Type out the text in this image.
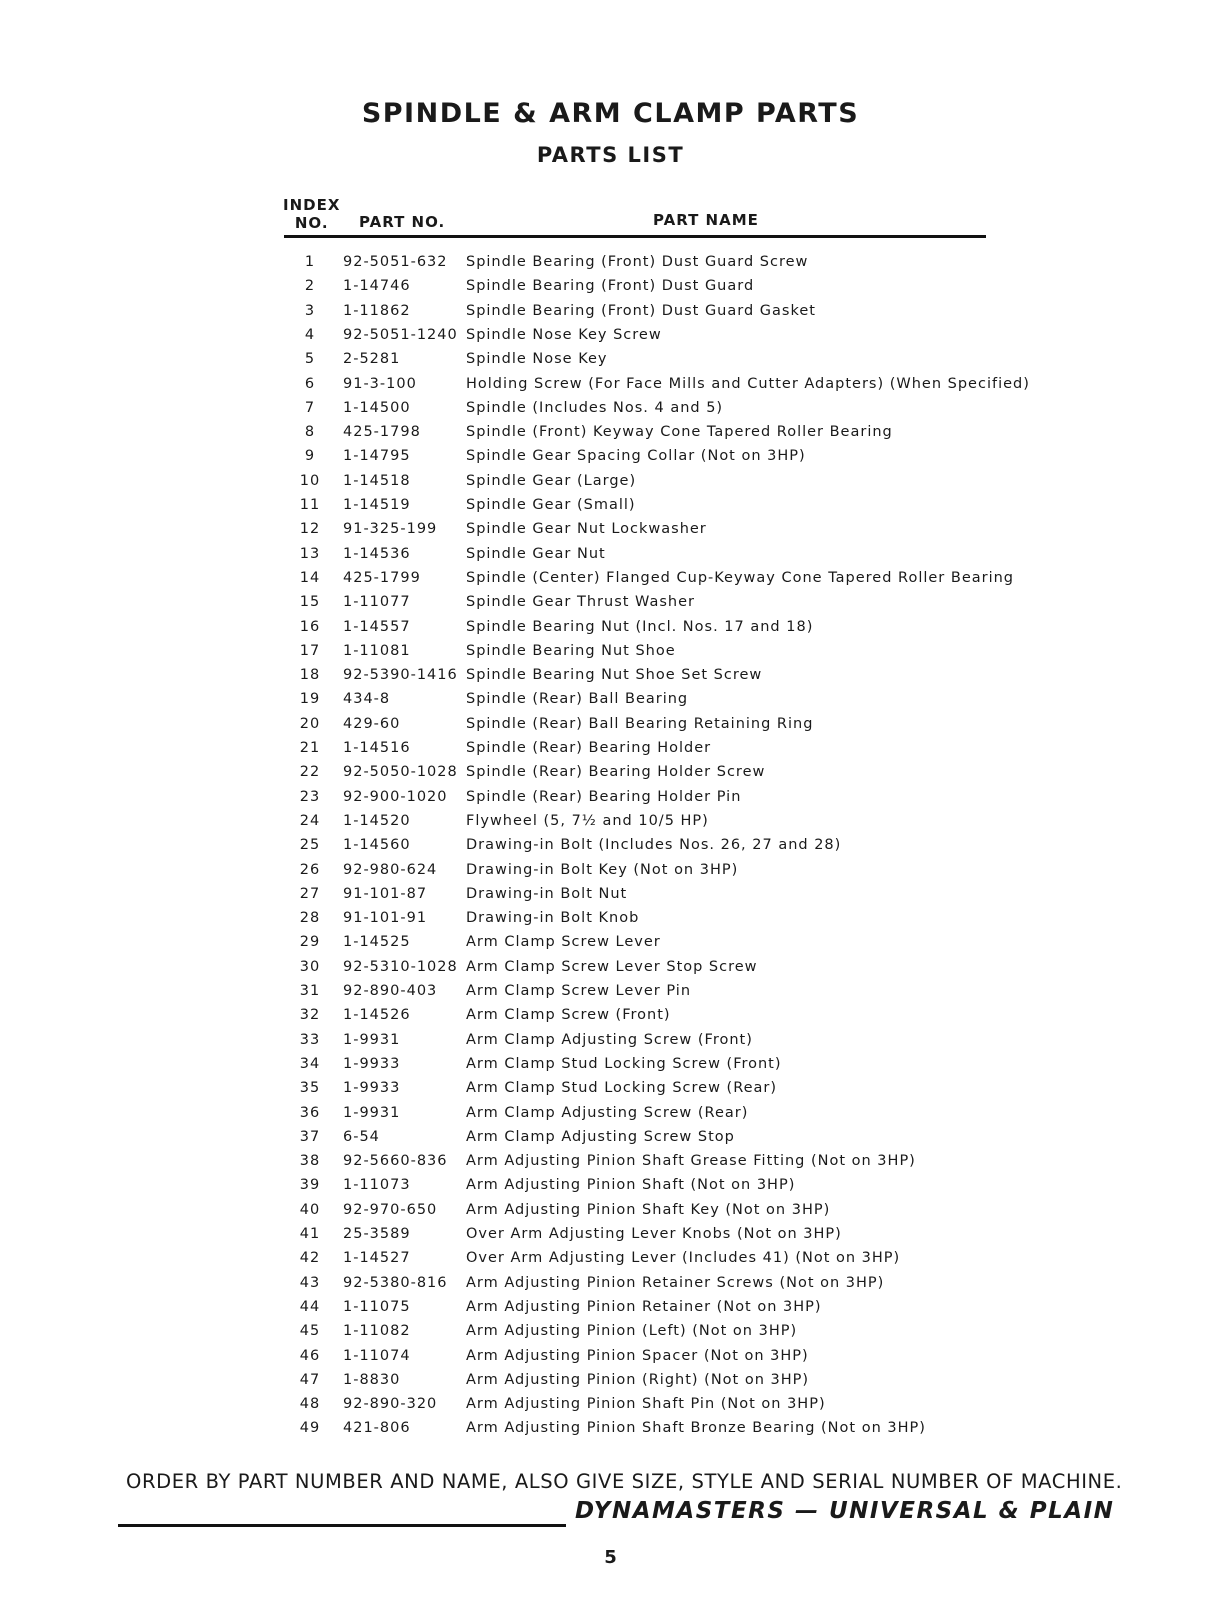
SPINDLE & ARM CLAMP PARTS
PARTS LIST
INDEX
NO.	PART NO.	PART NAME
1	92-5051-632 Spindle Bearing (Front) Dust Guard Screw
2	1-14746	Spindle Bearing (Front) Dust Guard
3	1-11862	Spindle Bearing (Front) Dust Guard Gasket
4	92-5051-1240 Spindle Nose Key Screw
5	2-5281	Spindle Nose Key
6	91-3-100	Holding Screw (For Face Mills and Cutter Adapters) (When Specified)
7	1-14500	Spindle (Includes Nos. 4 and 5)
8	425-1798	Spindle (Front) Keyway Cone Tapered Roller Bearing
9	1-14795	Spindle Gear Spacing Collar (Not on 3HP)
10	1-14518	Spindle Gear (Large)
11	1-14519	Spindle Gear (Small)
12	91-325-199 Spindle Gear Nut Lockwasher
13	1-14536	Spindle Gear Nut
14	425-1799	Spindle (Center) Flanged Cup-Keyway Cone Tapered Roller Bearing
15	1-11077	Spindle Gear Thrust Washer
16	1-14557	Spindle Bearing Nut (Incl. Nos. 17 and 18)
17	1-11081	Spindle Bearing Nut Shoe
18	92-5390-1416 Spindle Bearing Nut Shoe Set Screw
19	434-8	Spindle (Rear) Ball Bearing
20	429-60	Spindle (Rear) Ball Bearing Retaining Ring
21	1-14516	Spindle (Rear) Bearing Holder
22	92-5050-1028 Spindle (Rear) Bearing Holder Screw
23	92-900-1020 Spindle (Rear) Bearing Holder Pin
24	1-14520	Flywheel (5, 7½ and 10/5 HP)
25	1-14560	Drawing-in Bolt (Includes Nos. 26, 27 and 28)
26	92-980-624 Drawing-in Bolt Key (Not on 3HP)
27	91-101-87	Drawing-in Bolt Nut
28	91-101-91	Drawing-in Bolt Knob
29	1-14525	Arm Clamp Screw Lever
30	92-5310-1028 Arm Clamp Screw Lever Stop Screw
31	92-890-403 Arm Clamp Screw Lever Pin
32	1-14526	Arm Clamp Screw (Front)
33	1-9931	Arm Clamp Adjusting Screw (Front)
34	1-9933	Arm Clamp Stud Locking Screw (Front)
35	1-9933	Arm Clamp Stud Locking Screw (Rear)
36	1-9931	Arm Clamp Adjusting Screw (Rear)
37	6-54	Arm Clamp Adjusting Screw Stop
38	92-5660-836 Arm Adjusting Pinion Shaft Grease Fitting (Not on 3HP)
39	1-11073	Arm Adjusting Pinion Shaft (Not on 3HP)
40	92-970-650 Arm Adjusting Pinion Shaft Key (Not on 3HP)
41	25-3589	Over Arm Adjusting Lever Knobs (Not on 3HP)
42	1-14527	Over Arm Adjusting Lever (Includes 41) (Not on 3HP)
43	92-5380-816 Arm Adjusting Pinion Retainer Screws (Not on 3HP)
44	1-11075	Arm Adjusting Pinion Retainer (Not on 3HP)
45	1-11082	Arm Adjusting Pinion (Left) (Not on 3HP)
46	1-11074	Arm Adjusting Pinion Spacer (Not on 3HP)
47	1-8830	Arm Adjusting Pinion (Right) (Not on 3HP)
48	92-890-320 Arm Adjusting Pinion Shaft Pin (Not on 3HP)
49	421-806	Arm Adjusting Pinion Shaft Bronze Bearing (Not on 3HP)
ORDER BY PART NUMBER AND NAME, ALSO GIVE SIZE, STYLE AND SERIAL NUMBER OF MACHINE.
DYNAMASTERS — UNIVERSAL & PLAIN
5
